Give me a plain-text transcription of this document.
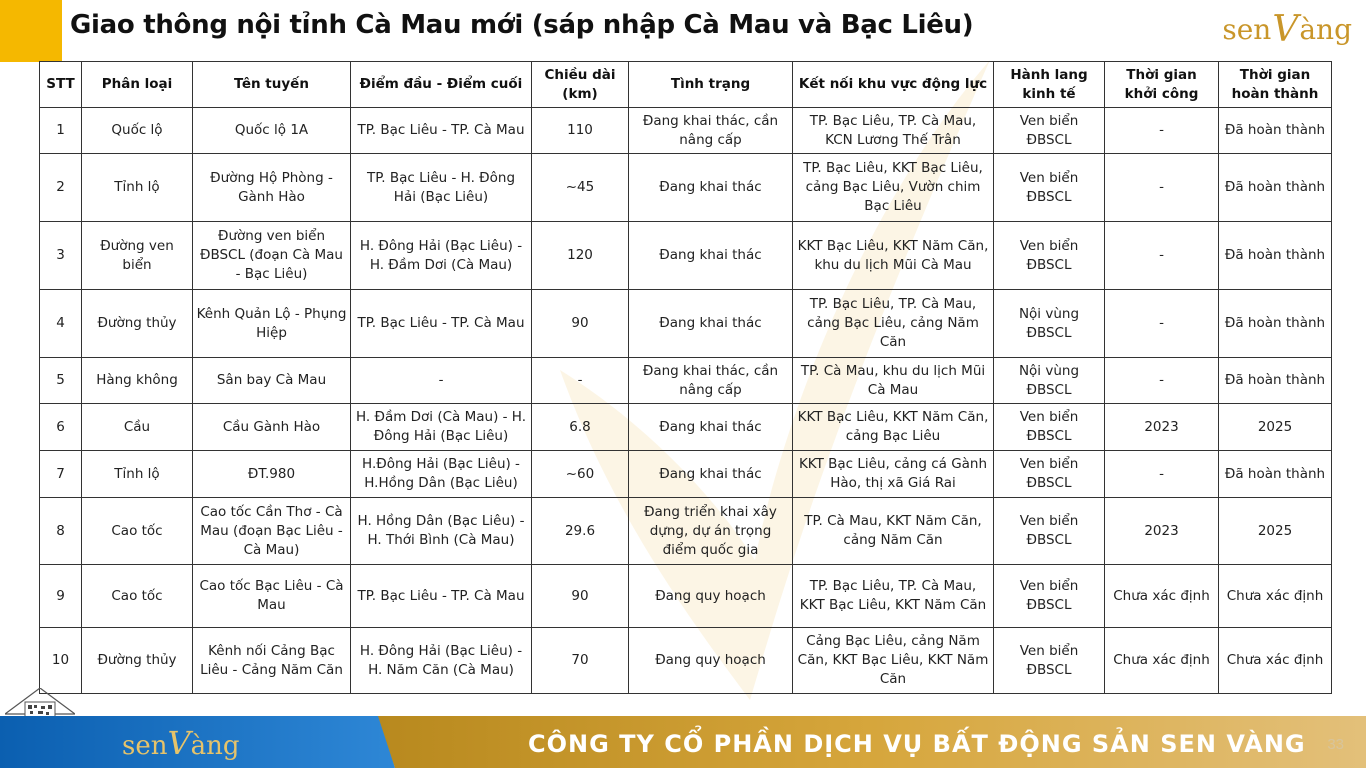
Giao thông nội tỉnh Cà Mau mới (sáp nhập Cà Mau và Bạc Liêu)	sen V àng
STT	Phân loại	Tên tuyến	Điểm đầu - Điểm cuối	Chiều dài (km)	Tình trạng	Kết nối khu vực động lực	Hành lang kinh tế	Thời gian khởi công	Thời gian hoàn thành
1	Quốc lộ	Quốc lộ 1A	TP. Bạc Liêu - TP. Cà Mau	110	Đang khai thác, cần nâng cấp	TP. Bạc Liêu, TP. Cà Mau, KCN Lương Thế Trân	Ven biển ĐBSCL	-	Đã hoàn thành
2	Tỉnh lộ	Đường Hộ Phòng - Gành Hào	TP. Bạc Liêu - H. Đông Hải (Bạc Liêu)	~45	Đang khai thác	TP. Bạc Liêu, KKT Bạc Liêu, cảng Bạc Liêu, Vườn chim Bạc Liêu	Ven biển ĐBSCL	-	Đã hoàn thành
3	Đường ven biển	Đường ven biển ĐBSCL (đoạn Cà Mau - Bạc Liêu)	H. Đông Hải (Bạc Liêu) - H. Đầm Dơi (Cà Mau)	120	Đang khai thác	KKT Bạc Liêu, KKT Năm Căn, khu du lịch Mũi Cà Mau	Ven biển ĐBSCL	-	Đã hoàn thành
4	Đường thủy	Kênh Quản Lộ - Phụng Hiệp	TP. Bạc Liêu - TP. Cà Mau	90	Đang khai thác	TP. Bạc Liêu, TP. Cà Mau, cảng Bạc Liêu, cảng Năm Căn	Nội vùng ĐBSCL	-	Đã hoàn thành
5	Hàng không	Sân bay Cà Mau	-	-	Đang khai thác, cần nâng cấp	TP. Cà Mau, khu du lịch Mũi Cà Mau	Nội vùng ĐBSCL	-	Đã hoàn thành
6	Cầu	Cầu Gành Hào	H. Đầm Dơi (Cà Mau) - H. Đông Hải (Bạc Liêu)	6.8	Đang khai thác	KKT Bạc Liêu, KKT Năm Căn, cảng Bạc Liêu	Ven biển ĐBSCL	2023	2025
7	Tỉnh lộ	ĐT.980	H.Đông Hải (Bạc Liêu) - H.Hồng Dân (Bạc Liêu)	~60	Đang khai thác	KKT Bạc Liêu, cảng cá Gành Hào, thị xã Giá Rai	Ven biển ĐBSCL	-	Đã hoàn thành
8	Cao tốc	Cao tốc Cần Thơ - Cà Mau (đoạn Bạc Liêu - Cà Mau)	H. Hồng Dân (Bạc Liêu) - H. Thới Bình (Cà Mau)	29.6	Đang triển khai xây dựng, dự án trọng điểm quốc gia	TP. Cà Mau, KKT Năm Căn, cảng Năm Căn	Ven biển ĐBSCL	2023	2025
9	Cao tốc	Cao tốc Bạc Liêu - Cà Mau	TP. Bạc Liêu - TP. Cà Mau	90	Đang quy hoạch	TP. Bạc Liêu, TP. Cà Mau, KKT Bạc Liêu, KKT Năm Căn	Ven biển ĐBSCL	Chưa xác định	Chưa xác định
10	Đường thủy	Kênh nối Cảng Bạc Liêu - Cảng Năm Căn	H. Đông Hải (Bạc Liêu) - H. Năm Căn (Cà Mau)	70	Đang quy hoạch	Cảng Bạc Liêu, cảng Năm Căn, KKT Bạc Liêu, KKT Năm Căn	Ven biển ĐBSCL	Chưa xác định	Chưa xác định
senVàng	CÔNG TY CỔ PHẦN DỊCH VỤ BẤT ĐỘNG SẢN SEN VÀNG 33
